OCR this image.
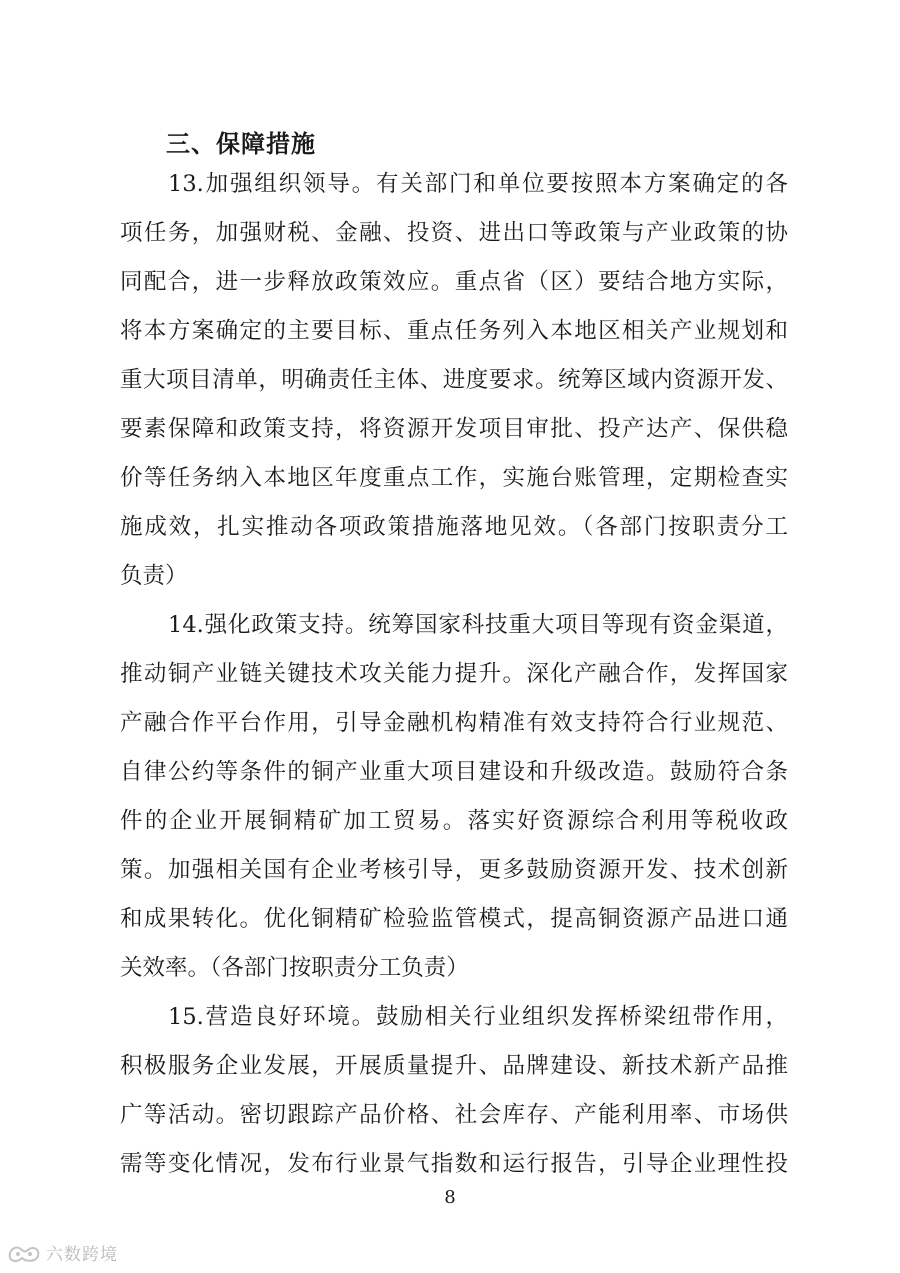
三、保障措施
13.加强组织领导。有关部门和单位要按照本方案确定的各
项任务，加强财税、金融、投资、进出口等政策与产业政策的协
同配合，进一步释放政策效应。重点省（区）要结合地方实际，
将本方案确定的主要目标、重点任务列入本地区相关产业规划和
重大项目清单，明确责任主体、进度要求。统筹区域内资源开发、
要素保障和政策支持，将资源开发项目审批、投产达产、保供稳
价等任务纳入本地区年度重点工作，实施台账管理，定期检查实
施成效，扎实推动各项政策措施落地见效。（各部门按职责分工
负责）
14.强化政策支持。统筹国家科技重大项目等现有资金渠道，
推动铜产业链关键技术攻关能力提升。深化产融合作，发挥国家
产融合作平台作用，引导金融机构精准有效支持符合行业规范、
自律公约等条件的铜产业重大项目建设和升级改造。鼓励符合条
件的企业开展铜精矿加工贸易。落实好资源综合利用等税收政
策。加强相关国有企业考核引导，更多鼓励资源开发、技术创新
和成果转化。优化铜精矿检验监管模式，提高铜资源产品进口通
关效率。（各部门按职责分工负责）
15.营造良好环境。鼓励相关行业组织发挥桥梁纽带作用，
积极服务企业发展，开展质量提升、品牌建设、新技术新产品推
广等活动。密切跟踪产品价格、社会库存、产能利用率、市场供
需等变化情况，发布行业景气指数和运行报告，引导企业理性投
8
六数跨境
